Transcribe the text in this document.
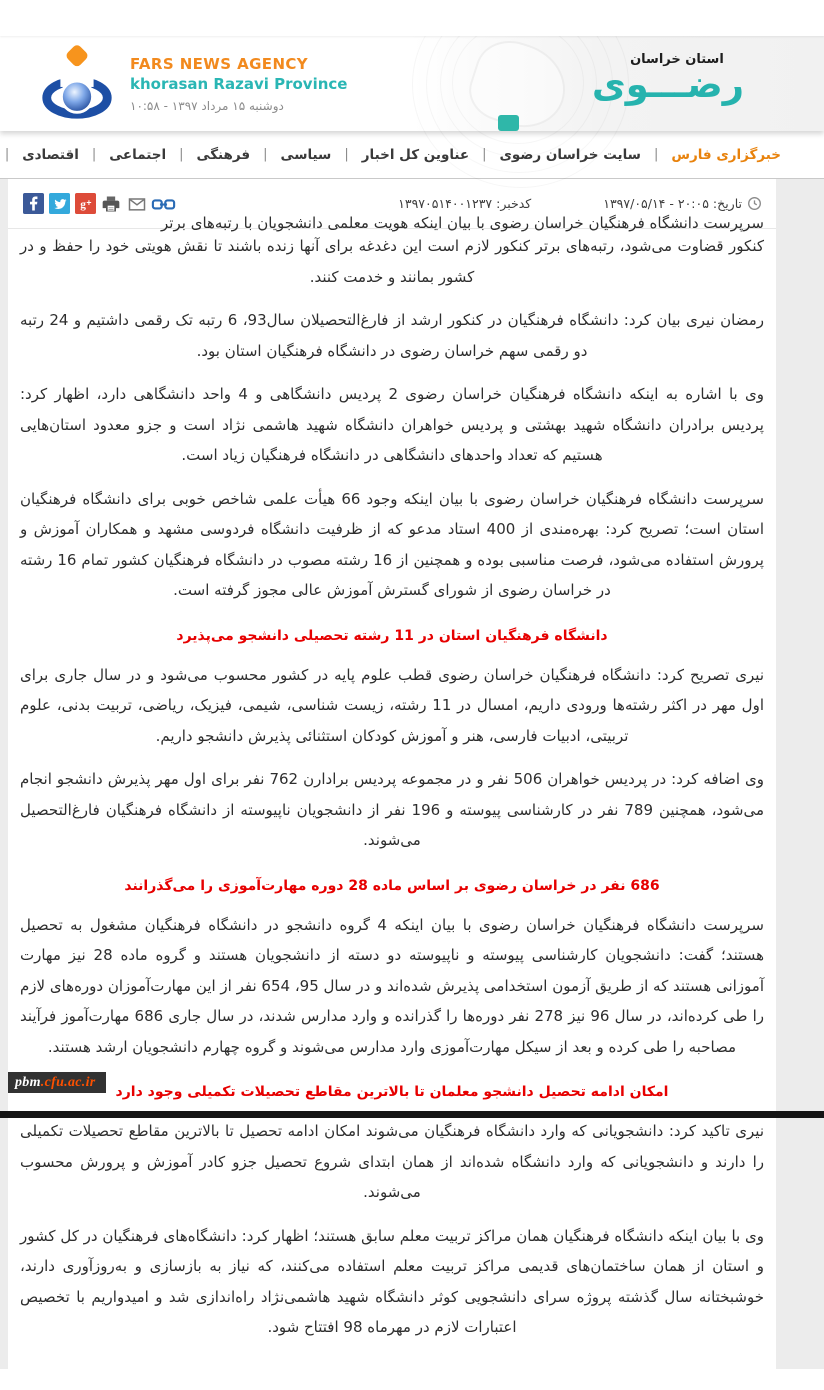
استان خراسان
رضـــوی
FARS NEWS AGENCY
khorasan Razavi Province
دوشنبه ۱۵ مرداد ۱۳۹۷ - ۱۰:۵۸
خبرگزاری فارس
|
سایت خراسان رضوی
|
عناوین کل اخبار
|
سیاسی
|
فرهنگی
|
اجتماعی
|
اقتصادی
|
تاریخ: ۲۰:۰۵ - ۱۳۹۷/۰۵/۱۴
کدخبر: ۱۳۹۷۰۵۱۴۰۰۱۲۳۷
g +
سرپرست دانشگاه فرهنگیان خراسان رضوی با بیان اینکه هویت معلمی دانشجویان با رتبه‌های برتر

کنکور قضاوت می‌شود، رتبه‌های برتر کنکور لازم است این دغدغه برای آنها زنده باشند تا نقش هویتی خود را حفظ و در کشور بمانند و خدمت کنند.

رمضان نیری بیان کرد: دانشگاه فرهنگیان در کنکور ارشد از فارغ‌التحصیلان سال93، 6 رتبه تک رقمی داشتیم و 24 رتبه دو رقمی سهم خراسان رضوی در دانشگاه فرهنگیان استان بود.

وی با اشاره به اینکه دانشگاه فرهنگیان خراسان رضوی 2 پردیس دانشگاهی و 4 واحد دانشگاهی دارد، اظهار کرد: پردیس برادران دانشگاه شهید بهشتی و پردیس خواهران دانشگاه شهید هاشمی نژاد است و جزو معدود استان‌هایی هستیم که تعداد واحدهای دانشگاهی در دانشگاه فرهنگیان زیاد است.

سرپرست دانشگاه فرهنگیان خراسان رضوی با بیان اینکه وجود 66 هیأت علمی شاخص خوبی برای دانشگاه فرهنگیان استان است؛ تصریح کرد: بهره‌مندی از 400 استاد مدعو که از ظرفیت دانشگاه فردوسی مشهد و همکاران آموزش و پرورش استفاده می‌شود، فرصت مناسبی بوده و همچنین از 16 رشته مصوب در دانشگاه فرهنگیان کشور تمام 16 رشته در خراسان رضوی از شورای گسترش آموزش عالی مجوز گرفته است.

دانشگاه فرهنگیان استان در 11 رشته تحصیلی دانشجو می‌پذیرد

نیری تصریح کرد: دانشگاه فرهنگیان خراسان رضوی قطب علوم پایه در کشور محسوب می‌شود و در سال جاری برای اول مهر در اکثر رشته‌ها ورودی داریم، امسال در 11 رشته، زیست شناسی، شیمی، فیزیک، ریاضی، تربیت بدنی، علوم تربیتی، ادبیات فارسی، هنر و آموزش کودکان استثنائی پذیرش دانشجو داریم.

وی اضافه کرد: در پردیس خواهران 506 نفر و در مجموعه پردیس برادارن 762 نفر برای اول مهر پذیرش دانشجو انجام می‌شود، همچنین 789 نفر در کارشناسی پیوسته و 196 نفر از دانشجویان ناپیوسته از دانشگاه فرهنگیان فارغ‌التحصیل می‌شوند.

686 نفر در خراسان رضوی بر اساس ماده 28 دوره مهارت‌آموزی را می‌گذرانند

سرپرست دانشگاه فرهنگیان خراسان رضوی با بیان اینکه 4 گروه دانشجو در دانشگاه فرهنگیان مشغول به تحصیل هستند؛ گفت: دانشجویان کارشناسی پیوسته و ناپیوسته دو دسته از دانشجویان هستند و گروه ماده 28 نیز مهارت آموزانی هستند که از طریق آزمون استخدامی پذیرش شده‌اند و در سال 95، 654 نفر از این مهارت‌آموزان دوره‌های لازم را طی کرده‌اند، در سال 96 نیز 278 نفر دوره‌ها را گذرانده و وارد مدارس شدند، در سال جاری 686 مهارت‌آموز فرآیند مصاحبه را طی کرده و بعد از سیکل مهارت‌آموزی وارد مدارس می‌شوند و گروه چهارم دانشجویان ارشد هستند.

امکان ادامه تحصیل دانشجو معلمان تا بالاترین مقاطع تحصیلات تکمیلی وجود دارد

نیری تاکید کرد: دانشجویانی که وارد دانشگاه فرهنگیان می‌شوند امکان ادامه تحصیل تا بالاترین مقاطع تحصیلات تکمیلی را دارند و دانشجویانی که وارد دانشگاه شده‌اند از همان ابتدای شروع تحصیل جزو کادر آموزش و پرورش محسوب می‌شوند.

وی با بیان اینکه دانشگاه فرهنگیان همان مراکز تربیت معلم سابق هستند؛ اظهار کرد: دانشگاه‌های فرهنگیان در کل کشور و استان از همان ساختمان‌های قدیمی مراکز تربیت معلم استفاده می‌کنند، که نیاز به بازسازی و به‌روزآوری دارند، خوشبختانه سال گذشته پروژه سرای دانشجویی کوثر دانشگاه شهید هاشمی‌نژاد راه‌اندازی شد و امیدواریم با تخصیص اعتبارات لازم در مهرماه 98 افتتاح شود.

pbm .cfu.ac.ir
